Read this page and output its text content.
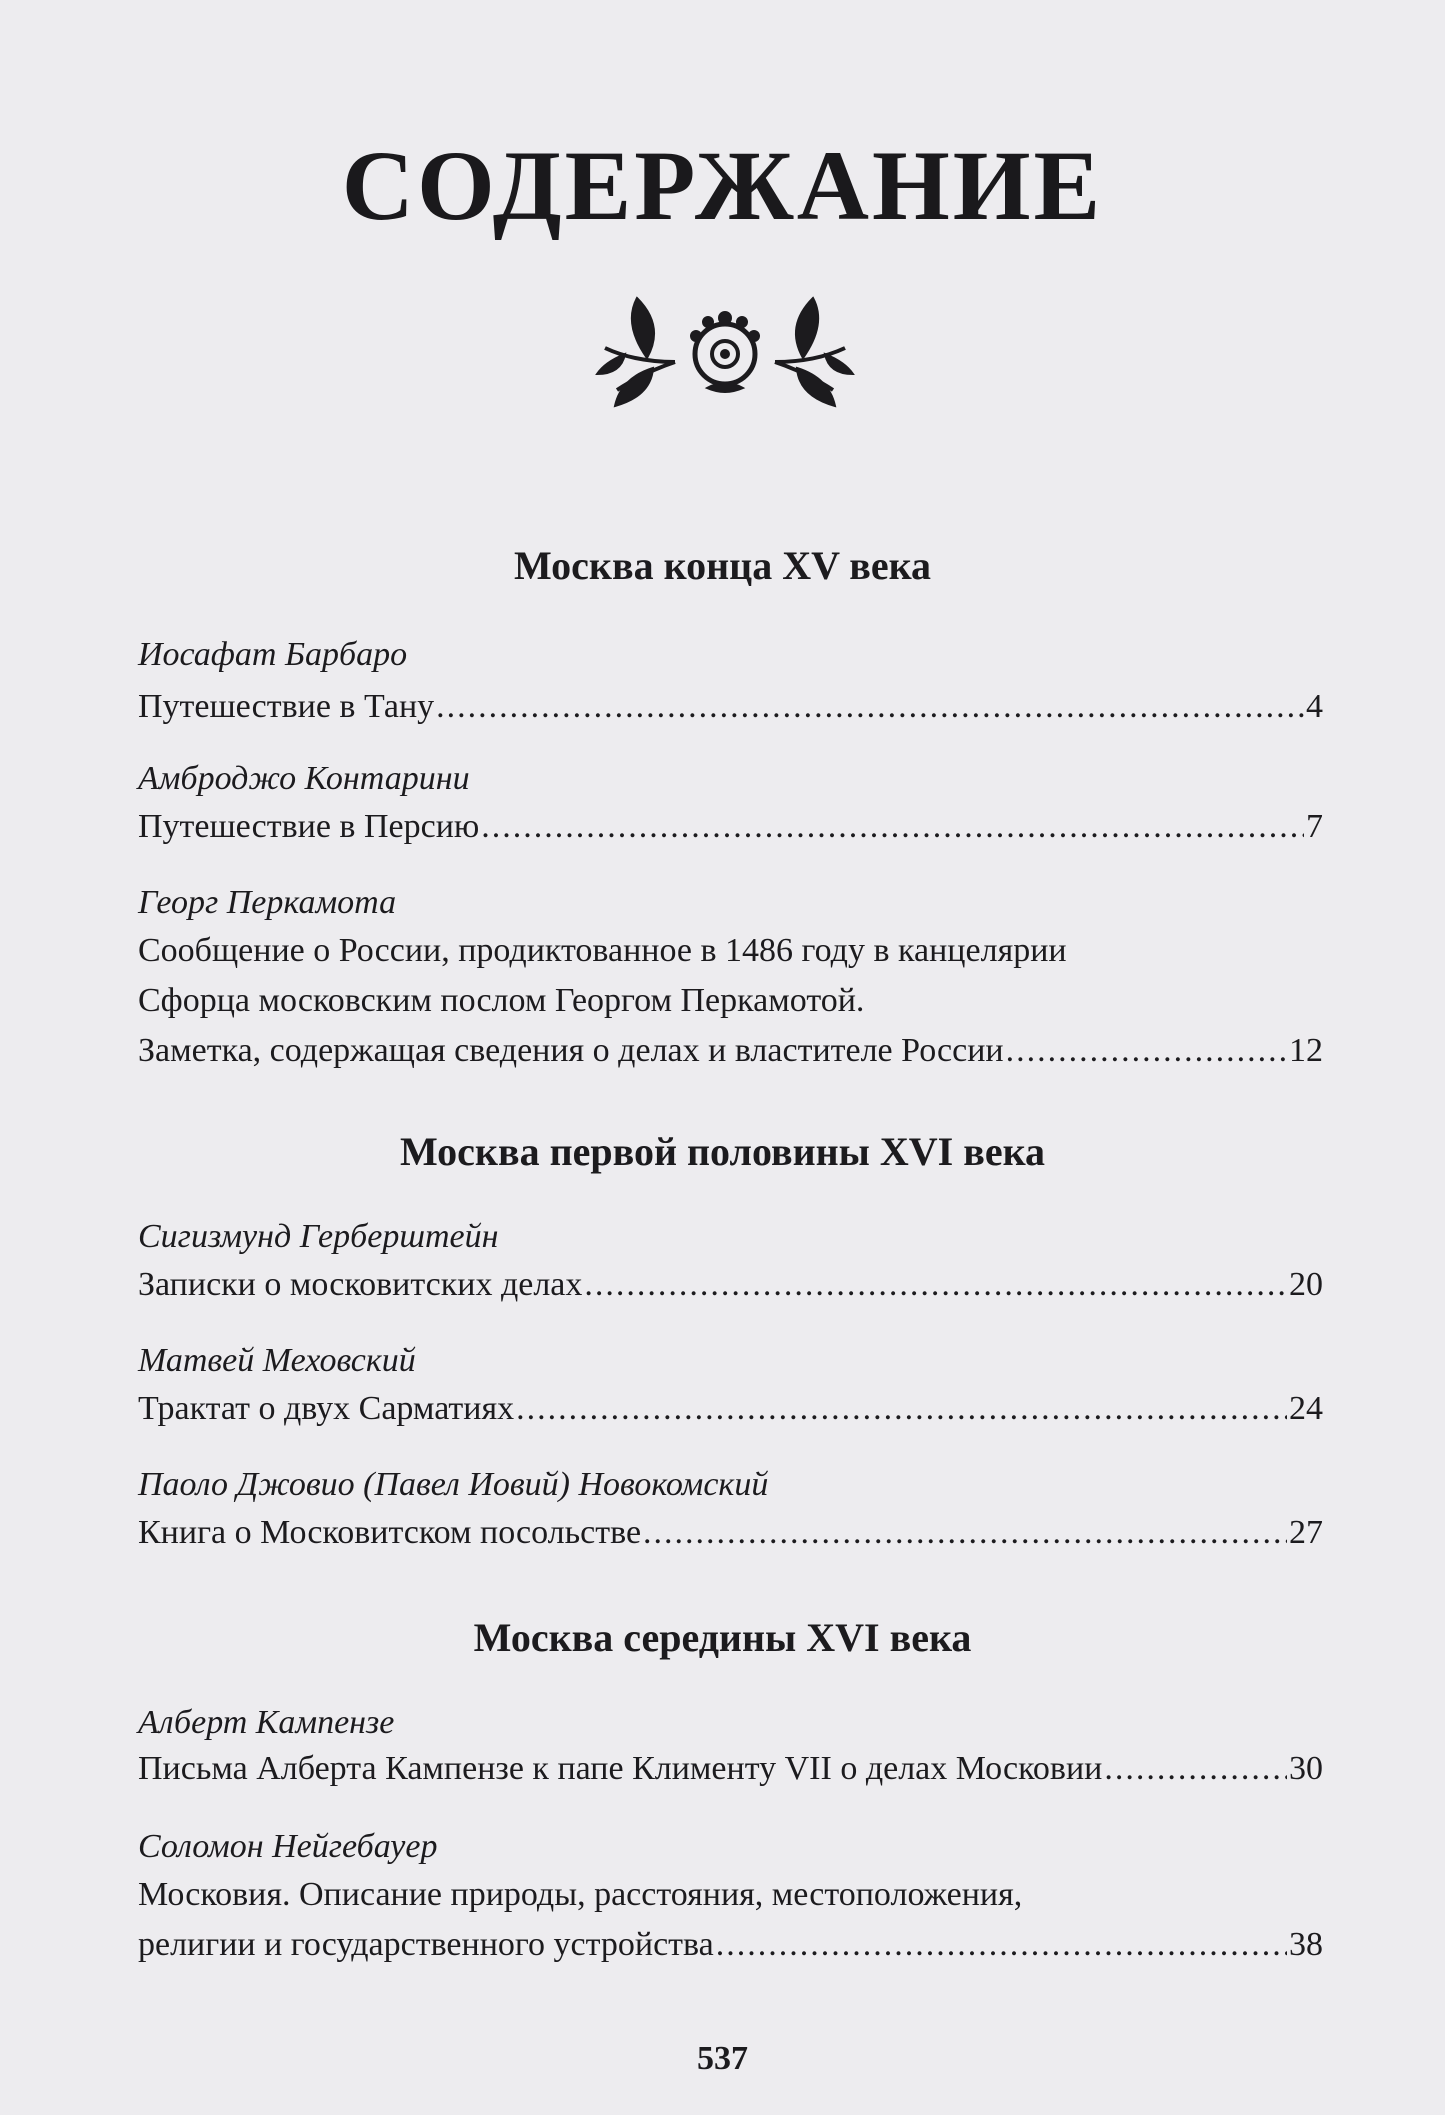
СОДЕРЖАНИЕ
Москва конца XV века
Иосафат Барбаро
Путешествие в Тану .....	4
Амброджо Контарини
Путешествие в Персию .....	7
Георг Перкамота
Сообщение о России, продиктованное в 1486 году в канцелярии
Сфорца московским послом Георгом Перкамотой.
Заметка, содержащая сведения о делах и властителе России .....	12
Москва первой половины XVI века
Сигизмунд Герберштейн
Записки о московитских делах .....	20
Матвей Меховский
Трактат о двух Сарматиях .....	24
Паоло Джовио (Павел Иовий) Новокомский
Книга о Московитском посольстве .....	27
Москва середины XVI века
Алберт Кампензе
Письма Алберта Кампензе к папе Клименту VII о делах Московии .....	30
Соломон Нейгебауер
Московия. Описание природы, расстояния, местоположения,
религии и государственного устройства .....	38
537
